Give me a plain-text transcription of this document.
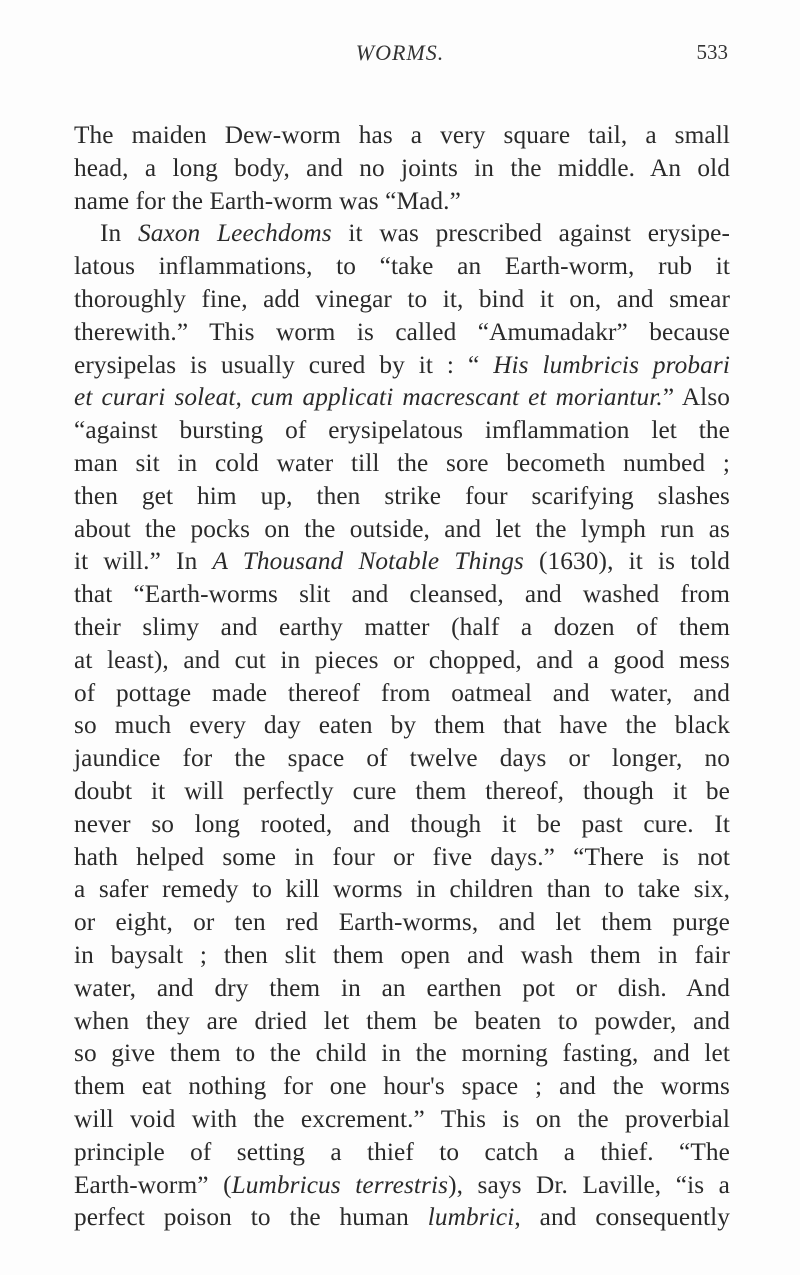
WORMS.	533
The maiden Dew-worm has a very square tail, a small
head, a long body, and no joints in the middle. An old
name for the Earth-worm was “Mad.”
In Saxon Leechdoms it was prescribed against erysipe-
latous inflammations, to “take an Earth-worm, rub it
thoroughly fine, add vinegar to it, bind it on, and smear
therewith.” This worm is called “Amumadakr” because
erysipelas is usually cured by it : “ His lumbricis probari
et curari soleat, cum applicati macrescant et moriantur.” Also
“against bursting of erysipelatous imflammation let the
man sit in cold water till the sore becometh numbed ;
then get him up, then strike four scarifying slashes
about the pocks on the outside, and let the lymph run as
it will.” In A Thousand Notable Things (1630), it is told
that “Earth-worms slit and cleansed, and washed from
their slimy and earthy matter (half a dozen of them
at least), and cut in pieces or chopped, and a good mess
of pottage made thereof from oatmeal and water, and
so much every day eaten by them that have the black
jaundice for the space of twelve days or longer, no
doubt it will perfectly cure them thereof, though it be
never so long rooted, and though it be past cure. It
hath helped some in four or five days.” “There is not
a safer remedy to kill worms in children than to take six,
or eight, or ten red Earth-worms, and let them purge
in baysalt ; then slit them open and wash them in fair
water, and dry them in an earthen pot or dish. And
when they are dried let them be beaten to powder, and
so give them to the child in the morning fasting, and let
them eat nothing for one hour's space ; and the worms
will void with the excrement.” This is on the proverbial
principle of setting a thief to catch a thief. “The
Earth-worm” (Lumbricus terrestris), says Dr. Laville, “is a
perfect poison to the human lumbrici, and consequently
